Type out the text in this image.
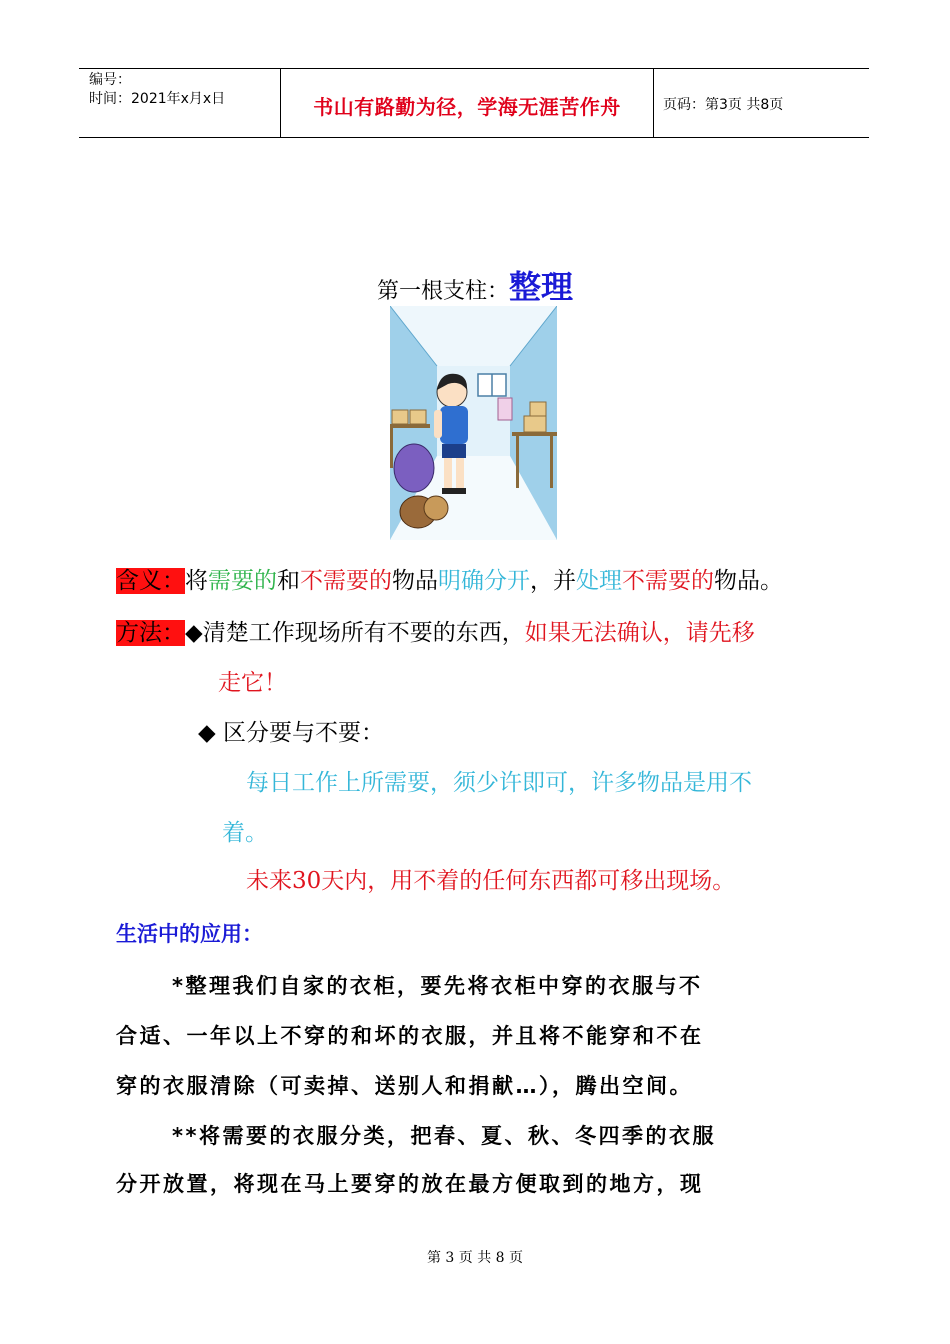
编号：
时间：2021年x月x日	书山有路勤为径，学海无涯苦作舟	页码：第3页 共8页
第一根支柱：整理
含义：将需要的和不需要的物品明确分开，并处理不需要的物品。
方法：◆清楚工作现场所有不要的东西，如果无法确认，请先移
走它！
◆ 区分要与不要：
每日工作上所需要，须少许即可，许多物品是用不
着。
未来30天内，用不着的任何东西都可移出现场。
生活中的应用：
*整理我们自家的衣柜，要先将衣柜中穿的衣服与不
合适、一年以上不穿的和坏的衣服，并且将不能穿和不在
穿的衣服清除（可卖掉、送别人和捐献…），腾出空间。
**将需要的衣服分类，把春、夏、秋、冬四季的衣服
分开放置，将现在马上要穿的放在最方便取到的地方，现
第 3 页 共 8 页
